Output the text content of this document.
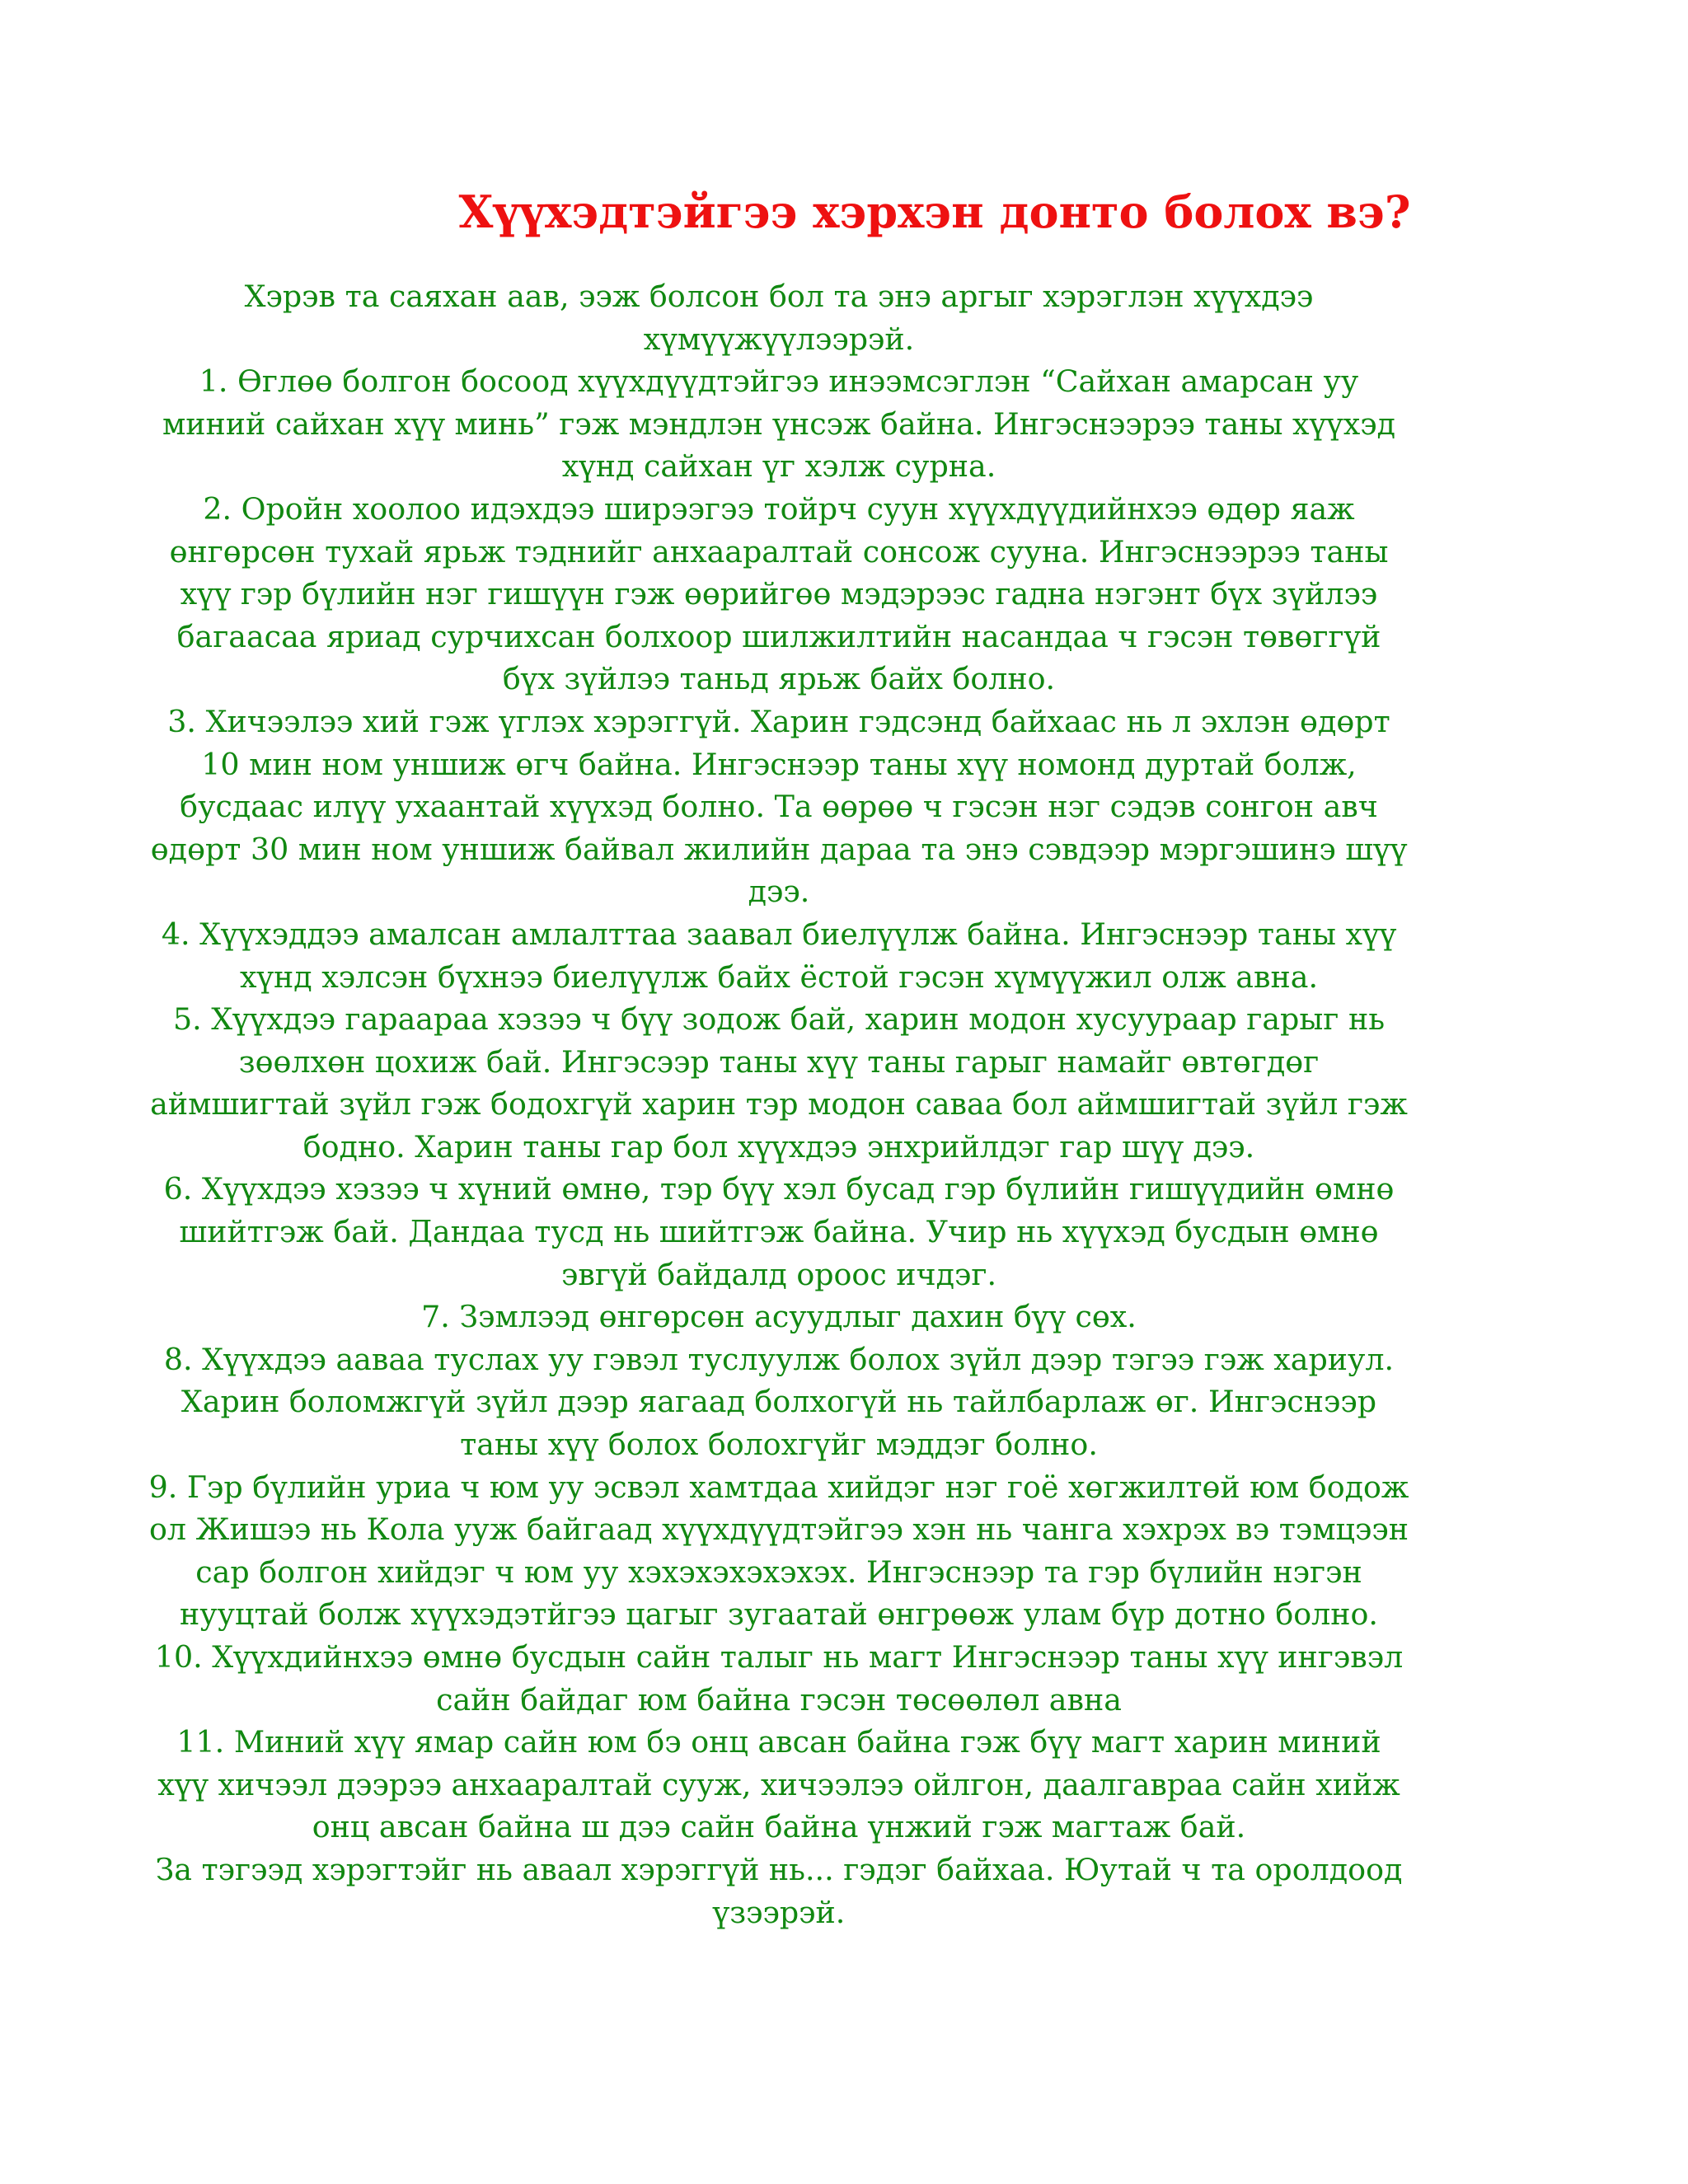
Хүүхэдтэйгээ хэрхэн донто болох вэ?

Хэрэв та саяхан аав, ээж болсон бол та энэ аргыг хэрэглэн хүүхдээ хүмүүжүүлээрэй.

1. Өглөө болгон босоод хүүхдүүдтэйгээ инээмсэглэн “Сайхан амарсан уу миний сайхан хүү минь” гэж мэндлэн үнсэж байна. Ингэснээрээ таны хүүхэд хүнд сайхан үг хэлж сурна.

2. Оройн хоолоо идэхдээ ширээгээ тойрч суун хүүхдүүдийнхээ өдөр яаж өнгөрсөн тухай ярьж тэднийг анхааралтай сонсож сууна. Ингэснээрээ таны хүү гэр бүлийн нэг гишүүн гэж өөрийгөө мэдэрээс гадна нэгэнт бүх зүйлээ багаасаа яриад сурчихсан болхоор шилжилтийн насандаа ч гэсэн төвөггүй бүх зүйлээ таньд ярьж байх болно.

3. Хичээлээ хий гэж үглэх хэрэггүй. Харин гэдсэнд байхаас нь л эхлэн өдөрт 10 мин ном уншиж өгч байна. Ингэснээр таны хүү номонд дуртай болж, бусдаас илүү ухаантай хүүхэд болно. Та өөрөө ч гэсэн нэг сэдэв сонгон авч өдөрт 30 мин ном уншиж байвал жилийн дараа та энэ сэвдээр мэргэшинэ шүү дээ.

4. Хүүхэддээ амалсан амлалттаа заавал биелүүлж байна. Ингэснээр таны хүү хүнд хэлсэн бүхнээ биелүүлж байх ёстой гэсэн хүмүүжил олж авна.

5. Хүүхдээ гараараа хэзээ ч бүү зодож бай, харин модон хусуураар гарыг нь зөөлхөн цохиж бай. Ингэсээр таны хүү таны гарыг намайг өвтөгдөг аймшигтай зүйл гэж бодохгүй харин тэр модон саваа бол аймшигтай зүйл гэж бодно. Харин таны гар бол хүүхдээ энхрийлдэг гар шүү дээ.

6. Хүүхдээ хэзээ ч хүний өмнө, тэр бүү хэл бусад гэр бүлийн гишүүдийн өмнө шийтгэж бай. Дандаа тусд нь шийтгэж байна. Учир нь хүүхэд бусдын өмнө эвгүй байдалд ороос ичдэг.

7. Зэмлээд өнгөрсөн асуудлыг дахин бүү сөх.

8. Хүүхдээ аавaa туслах уу гэвэл туслуулж болох зүйл дээр тэгээ гэж хариул. Харин боломжгүй зүйл дээр яагаад болхогүй нь тайлбарлаж өг. Ингэснээр таны хүү болох болохгүйг мэддэг болно.

9. Гэр бүлийн уриа ч юм уу эсвэл хамтдаа хийдэг нэг гоё хөгжилтөй юм бодож ол Жишээ нь Кола ууж байгаад хүүхдүүдтэйгээ хэн нь чанга хэхрэх вэ тэмцээн сар болгон хийдэг ч юм уу хэхэхэхэхэхэх. Ингэснээр та гэр бүлийн нэгэн нууцтай болж хүүхэдэтйгээ цагыг зугаатай өнгрөөж улам бүр дотно болно.

10. Хүүхдийнхээ өмнө бусдын сайн талыг нь магт Ингэснээр таны хүү ингэвэл сайн байдаг юм байна гэсэн төсөөлөл авна

11. Миний хүү ямар сайн юм бэ онц авсан байна гэж бүү магт харин миний хүү хичээл дээрээ анхааралтай сууж, хичээлээ ойлгон, даалгавраа сайн хийж онц авсан байна ш дээ сайн байна үнжий гэж магтаж бай.

За тэгээд хэрэгтэйг нь аваал хэрэггүй нь... гэдэг байхаа. Юутай ч та оролдоод үзээрэй.
